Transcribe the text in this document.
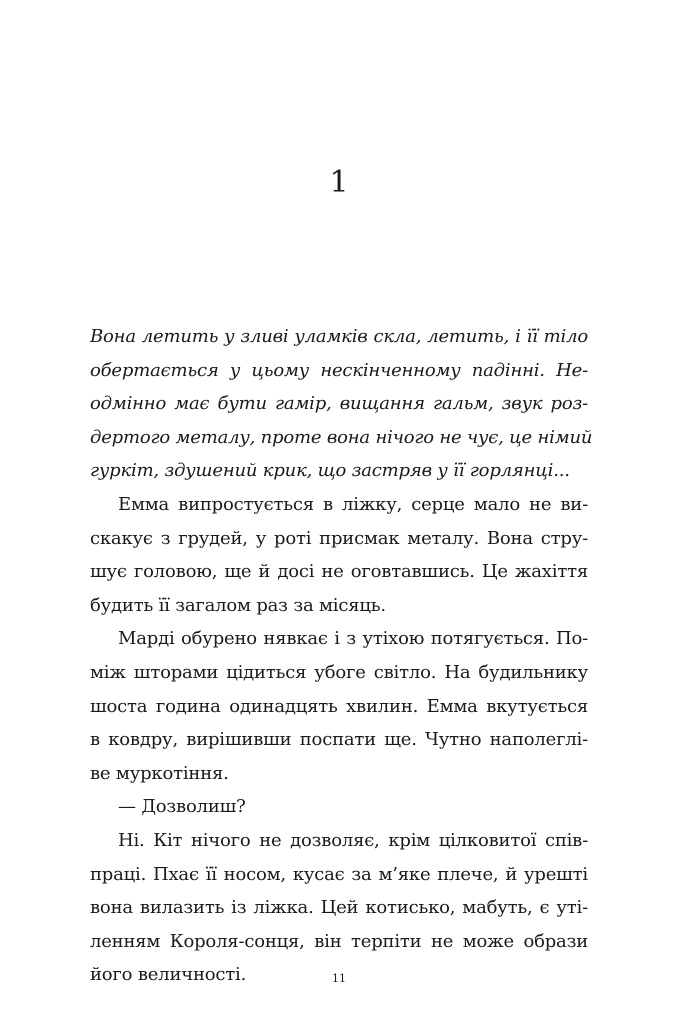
1
Вона летить у зливі уламків скла, летить, і її тіло
обертається у цьому нескінченному падінні. Не-
одмінно має бути гамір, вищання гальм, звук роз-
дертого металу, проте вона нічого не чує, це німий
гуркіт, здушений крик, що застряв у її горлянці...
Емма випростується в ліжку, серце мало не ви-
скакує з грудей, у роті присмак металу. Вона стру-
шує головою, ще й досі не оговтавшись. Це жахіття
будить її загалом раз за місяць.
Марді обурено нявкає і з утіхою потягується. По-
між шторами цідиться убоге світло. На будильнику
шоста година одинадцять хвилин. Емма вкутується
в ковдру, вирішивши поспати ще. Чутно наполеглі-
ве муркотіння.
— Дозволиш?
Ні. Кіт нічого не дозволяє, крім цілковитої спів-
праці. Пхає її носом, кусає за м’яке плече, й урешті
вона вилазить із ліжка. Цей котисько, мабуть, є уті-
ленням Короля-сонця, він терпіти не може образи
його величності.	11
